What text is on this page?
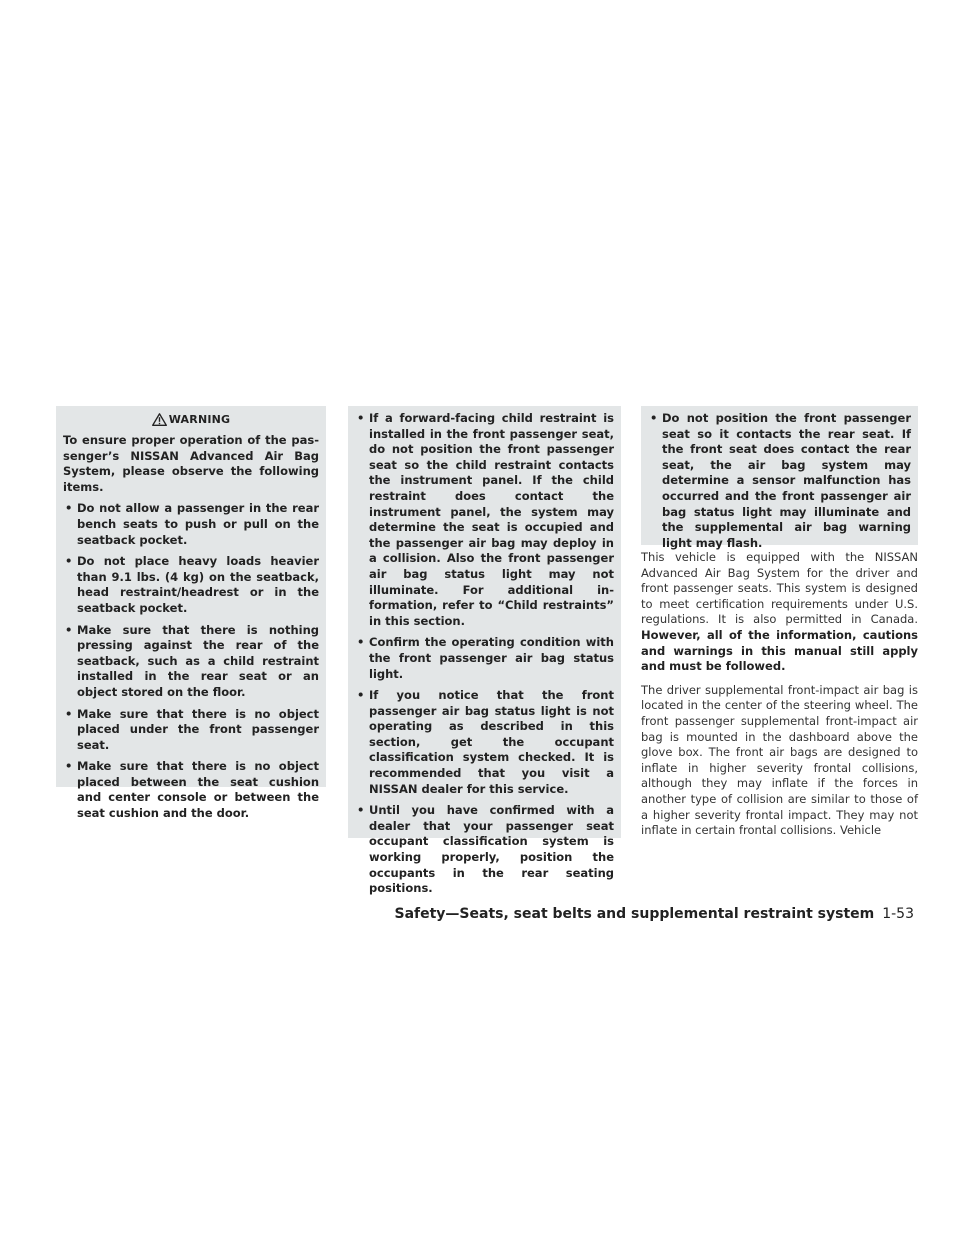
WARNING

To ensure proper operation of the passenger’s NISSAN Advanced Air Bag System, please observe the following items.

• Do not allow a passenger in the rear bench seats to push or pull on the seatback pocket.
• Do not place heavy loads heavier than 9.1 lbs. (4 kg) on the seatback, head restraint/headrest or in the seatback pocket.
• Make sure that there is nothing pressing against the rear of the seatback, such as a child restraint installed in the rear seat or an object stored on the floor.
• Make sure that there is no object placed under the front passenger seat.
• Make sure that there is no object placed between the seat cushion and center console or between the seat cushion and the door.
• If a forward-facing child restraint is installed in the front passenger seat, do not position the front passenger seat so the child restraint contacts the instrument panel. If the child restraint does contact the instrument panel, the system may determine the seat is occupied and the passenger air bag may deploy in a collision. Also the front passenger air bag status light may not illuminate. For additional information, refer to “Child restraints” in this section.
• Confirm the operating condition with the front passenger air bag status light.
• If you notice that the front passenger air bag status light is not operating as described in this section, get the occupant classification system checked. It is recommended that you visit a NISSAN dealer for this service.
• Until you have confirmed with a dealer that your passenger seat occupant classification system is working properly, position the occupants in the rear seating positions.
• Do not position the front passenger seat so it contacts the rear seat. If the front seat does contact the rear seat, the air bag system may determine a sensor malfunction has occurred and the front passenger air bag status light may illuminate and the supplemental air bag warning light may flash.

This vehicle is equipped with the NISSAN Advanced Air Bag System for the driver and front passenger seats. This system is designed to meet certification requirements under U.S. regulations. It is also permitted in Canada. However, all of the information, cautions and warnings in this manual still apply and must be followed.

The driver supplemental front-impact air bag is located in the center of the steering wheel. The front passenger supplemental front-impact air bag is mounted in the dashboard above the glove box. The front air bags are designed to inflate in higher severity frontal collisions, although they may inflate if the forces in another type of collision are similar to those of a higher severity frontal impact. They may not inflate in certain frontal collisions. Vehicle

Safety—Seats, seat belts and supplemental restraint system 1-53
